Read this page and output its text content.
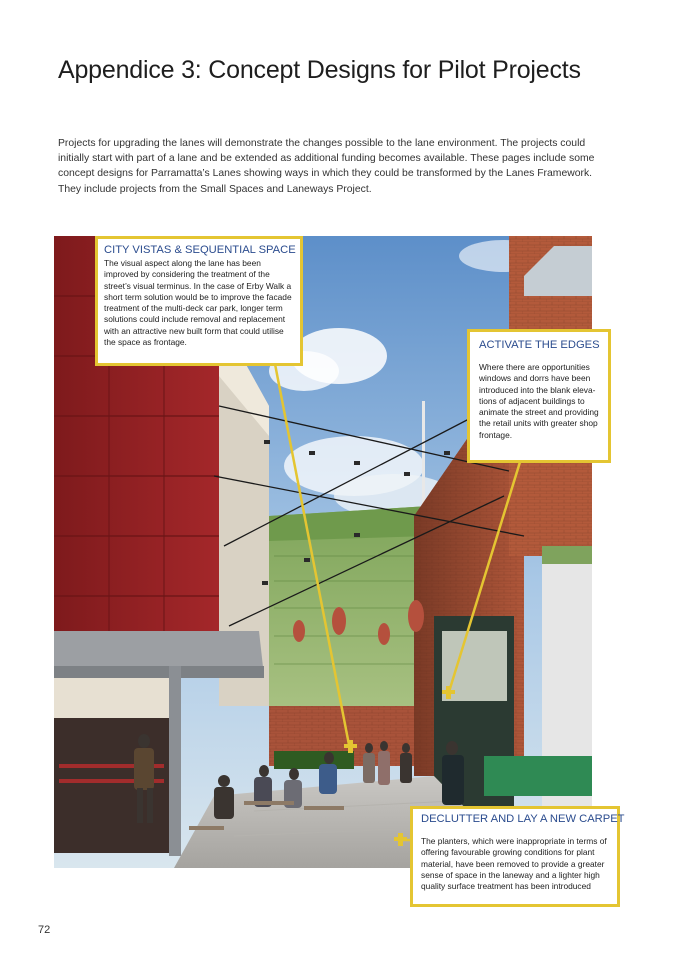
Appendice 3: Concept Designs for Pilot Projects
Projects for upgrading the lanes will demonstrate the changes possible to the lane environment. The projects could initially start with part of a lane and be extended as additional funding becomes available. These pages include some concept designs for Parramatta’s Lanes showing ways in which they could be transformed by the Lanes Framework. They include projects from the Small Spaces and Laneways Project.
CITY VISTAS & SEQUENTIAL SPACE
The visual aspect along the lane has been improved by considering the treatment of the street’s visual terminus. In the case of Erby Walk a short term solution would be to improve the facade treatment of the multi-deck car park, longer term solutions could include removal and replacement with an attractive new built form that could utilise the space as frontage.	ACTIVATE THE EDGES
Where there are opportunities windows and dorrs have been introduced into the blank eleva-tions of adjacent buildings to animate the street and providing the retail units with greater shop frontage.
DECLUTTER AND LAY A NEW CARPET
The planters, which were inappropriate in terms of offering favourable growing conditions for plant material, have been removed to provide a greater sense of space in the laneway and a lighter high quality surface treatment has been introduced
72
